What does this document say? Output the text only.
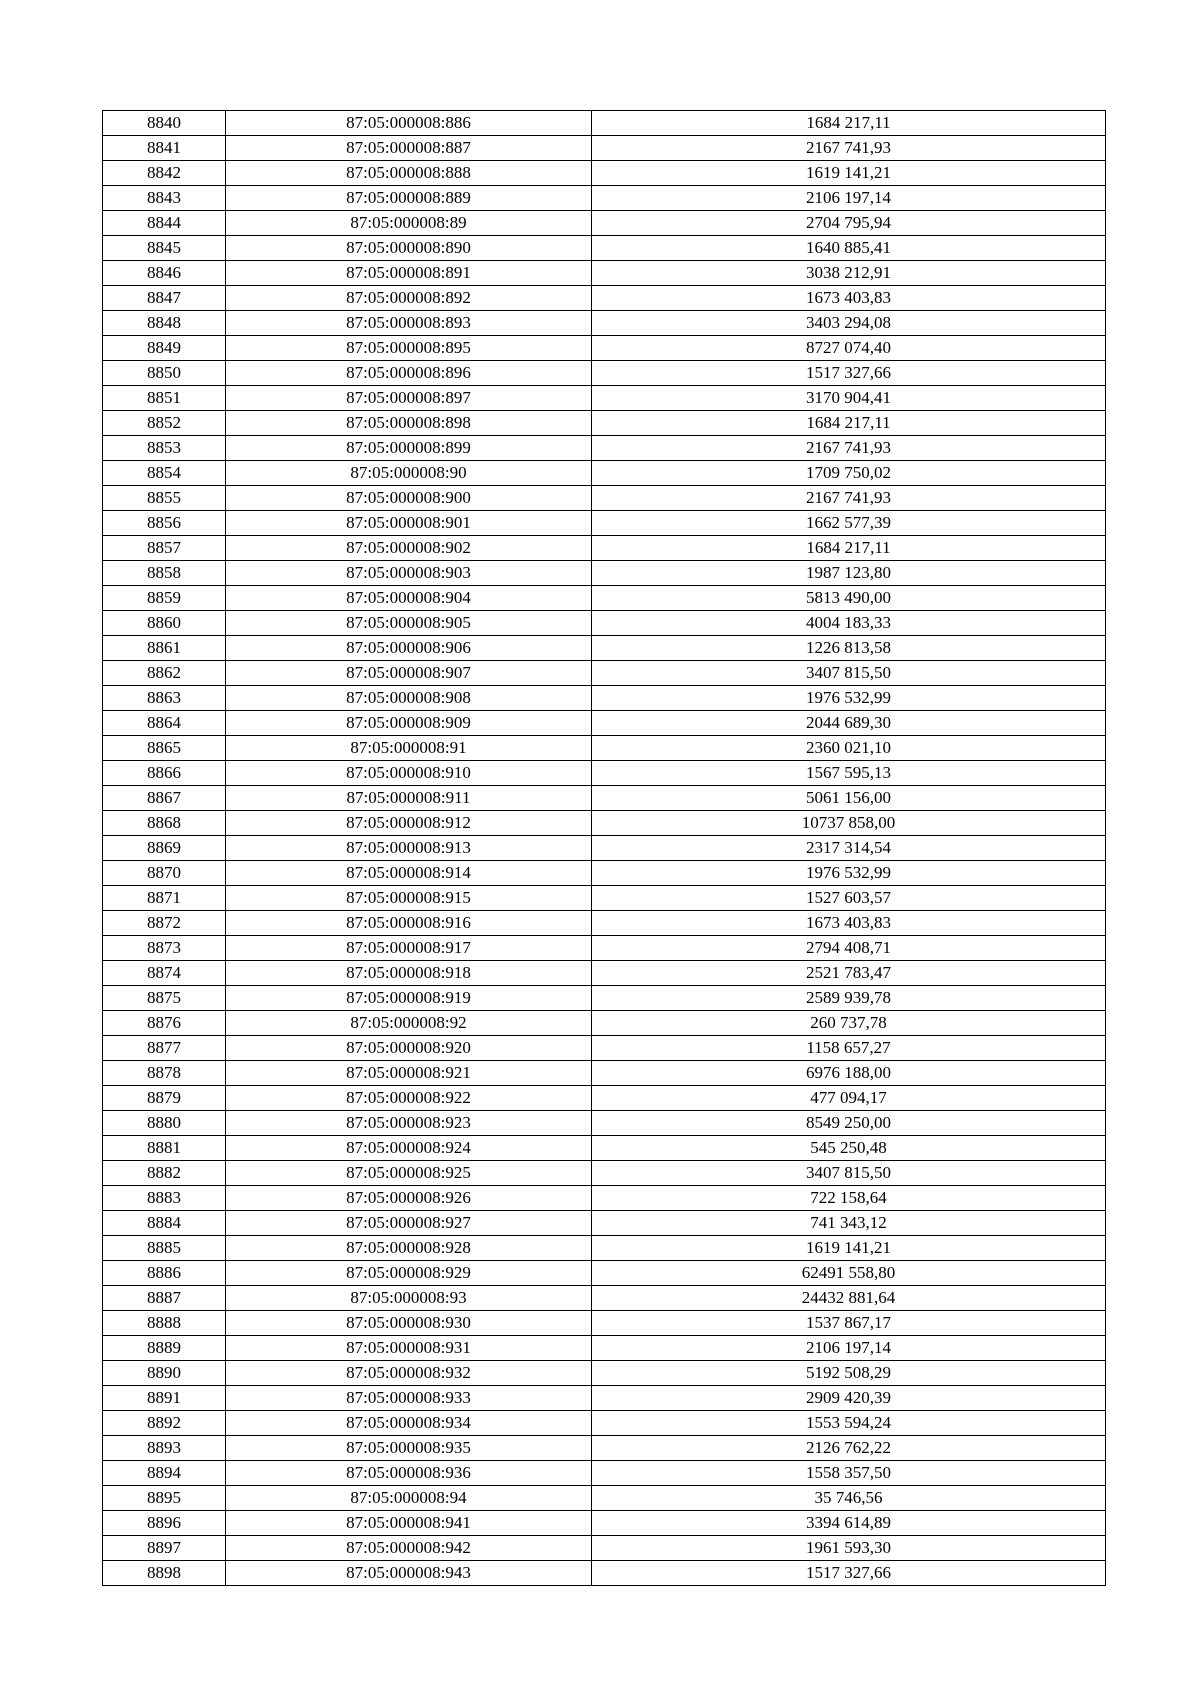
8840	87:05:000008:886	1684 217,11
8841	87:05:000008:887	2167 741,93
8842	87:05:000008:888	1619 141,21
8843	87:05:000008:889	2106 197,14
8844	87:05:000008:89	2704 795,94
8845	87:05:000008:890	1640 885,41
8846	87:05:000008:891	3038 212,91
8847	87:05:000008:892	1673 403,83
8848	87:05:000008:893	3403 294,08
8849	87:05:000008:895	8727 074,40
8850	87:05:000008:896	1517 327,66
8851	87:05:000008:897	3170 904,41
8852	87:05:000008:898	1684 217,11
8853	87:05:000008:899	2167 741,93
8854	87:05:000008:90	1709 750,02
8855	87:05:000008:900	2167 741,93
8856	87:05:000008:901	1662 577,39
8857	87:05:000008:902	1684 217,11
8858	87:05:000008:903	1987 123,80
8859	87:05:000008:904	5813 490,00
8860	87:05:000008:905	4004 183,33
8861	87:05:000008:906	1226 813,58
8862	87:05:000008:907	3407 815,50
8863	87:05:000008:908	1976 532,99
8864	87:05:000008:909	2044 689,30
8865	87:05:000008:91	2360 021,10
8866	87:05:000008:910	1567 595,13
8867	87:05:000008:911	5061 156,00
8868	87:05:000008:912	10737 858,00
8869	87:05:000008:913	2317 314,54
8870	87:05:000008:914	1976 532,99
8871	87:05:000008:915	1527 603,57
8872	87:05:000008:916	1673 403,83
8873	87:05:000008:917	2794 408,71
8874	87:05:000008:918	2521 783,47
8875	87:05:000008:919	2589 939,78
8876	87:05:000008:92	260 737,78
8877	87:05:000008:920	1158 657,27
8878	87:05:000008:921	6976 188,00
8879	87:05:000008:922	477 094,17
8880	87:05:000008:923	8549 250,00
8881	87:05:000008:924	545 250,48
8882	87:05:000008:925	3407 815,50
8883	87:05:000008:926	722 158,64
8884	87:05:000008:927	741 343,12
8885	87:05:000008:928	1619 141,21
8886	87:05:000008:929	62491 558,80
8887	87:05:000008:93	24432 881,64
8888	87:05:000008:930	1537 867,17
8889	87:05:000008:931	2106 197,14
8890	87:05:000008:932	5192 508,29
8891	87:05:000008:933	2909 420,39
8892	87:05:000008:934	1553 594,24
8893	87:05:000008:935	2126 762,22
8894	87:05:000008:936	1558 357,50
8895	87:05:000008:94	35 746,56
8896	87:05:000008:941	3394 614,89
8897	87:05:000008:942	1961 593,30
8898	87:05:000008:943	1517 327,66
